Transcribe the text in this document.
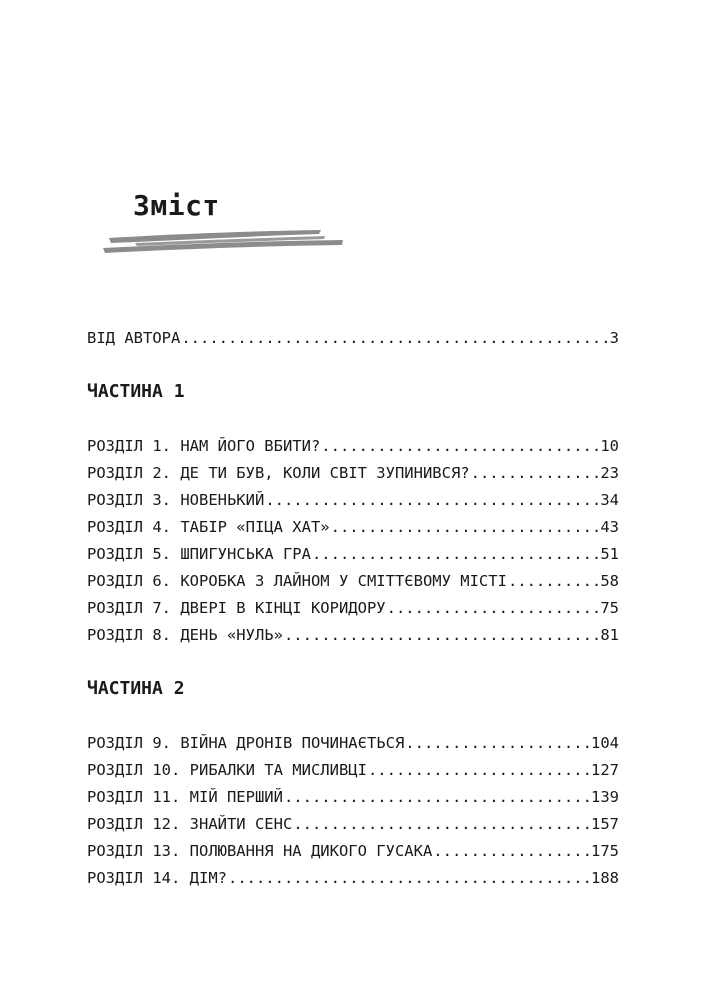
Зміст
ВІД АВТОРА .....	3
ЧАСТИНА 1
РОЗДІЛ 1. НАМ ЙОГО ВБИТИ? .....	10
РОЗДІЛ 2. ДЕ ТИ БУВ, КОЛИ СВІТ ЗУПИНИВСЯ? .....	23
РОЗДІЛ 3. НОВЕНЬКИЙ .....	34
РОЗДІЛ 4. ТАБІР «ПІЦА ХАТ» .....	43
РОЗДІЛ 5. ШПИГУНСЬКА ГРА .....	51
РОЗДІЛ 6. КОРОБКА З ЛАЙНОМ У СМІТТЄВОМУ МІСТІ .....	58
РОЗДІЛ 7. ДВЕРІ В КІНЦІ КОРИДОРУ .....	75
РОЗДІЛ 8. ДЕНЬ «НУЛЬ» .....	81
ЧАСТИНА 2
РОЗДІЛ 9. ВІЙНА ДРОНІВ ПОЧИНАЄТЬСЯ .....	104
РОЗДІЛ 10. РИБАЛКИ ТА МИСЛИВЦІ .....	127
РОЗДІЛ 11. МІЙ ПЕРШИЙ .....	139
РОЗДІЛ 12. ЗНАЙТИ СЕНС .....	157
РОЗДІЛ 13. ПОЛЮВАННЯ НА ДИКОГО ГУСАКА .....	175
РОЗДІЛ 14. ДІМ? .....	188
